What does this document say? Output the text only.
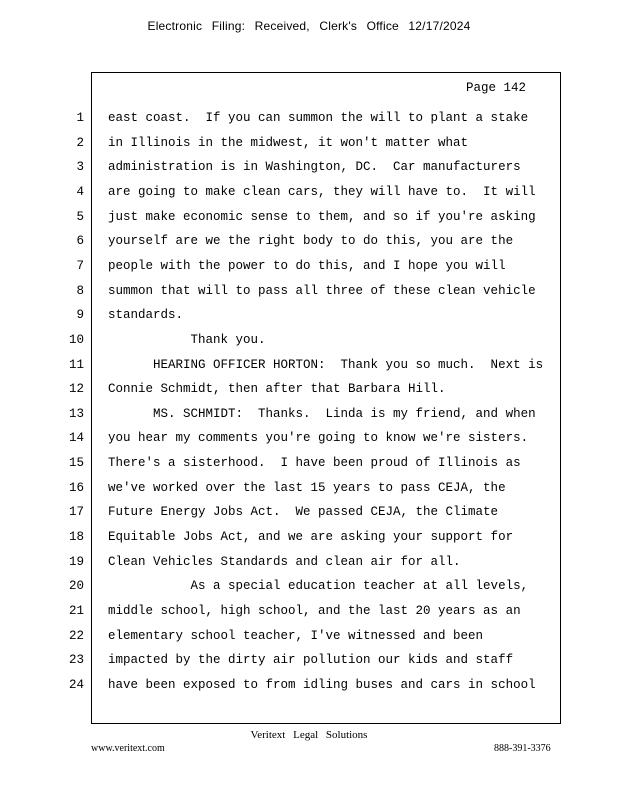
Electronic Filing: Received, Clerk's Office 12/17/2024
Page 142
1 east coast.  If you can summon the will to plant a stake
2 in Illinois in the midwest, it won't matter what
3 administration is in Washington, DC.  Car manufacturers
4 are going to make clean cars, they will have to.  It will
5 just make economic sense to them, and so if you're asking
6 yourself are we the right body to do this, you are the
7 people with the power to do this, and I hope you will
8 summon that will to pass all three of these clean vehicle
9 standards.
10 Thank you.
11 HEARING OFFICER HORTON:  Thank you so much.  Next is
12 Connie Schmidt, then after that Barbara Hill.
13 MS. SCHMIDT:  Thanks.  Linda is my friend, and when
14 you hear my comments you're going to know we're sisters.
15 There's a sisterhood.  I have been proud of Illinois as
16 we've worked over the last 15 years to pass CEJA, the
17 Future Energy Jobs Act.  We passed CEJA, the Climate
18 Equitable Jobs Act, and we are asking your support for
19 Clean Vehicles Standards and clean air for all.
20 As a special education teacher at all levels,
21 middle school, high school, and the last 20 years as an
22 elementary school teacher, I've witnessed and been
23 impacted by the dirty air pollution our kids and staff
24 have been exposed to from idling buses and cars in school
Veritext Legal Solutions
www.veritext.com	888-391-3376
